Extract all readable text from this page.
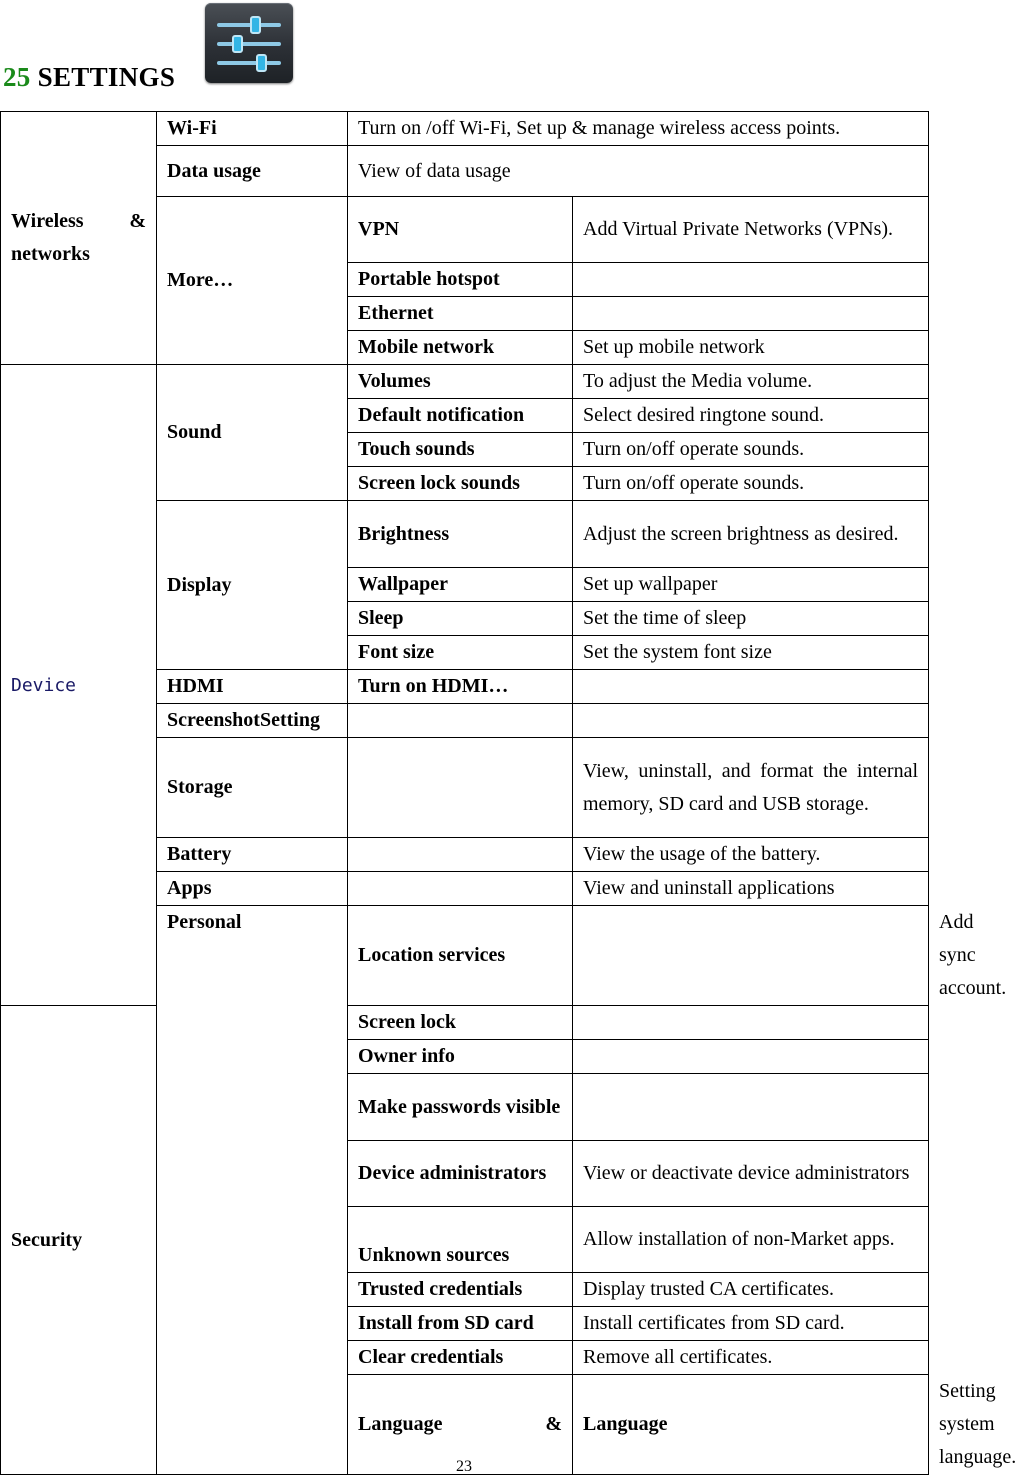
25 SETTINGS
Wireless & networks	Wi-Fi	Turn on /off Wi-Fi, Set up & manage wireless access points.		
	Data usage	View of data usage		
	More…	VPN	Add Virtual Private Networks (VPNs).	
		Portable hotspot		
		Ethernet		
		Mobile network	Set up mobile network	
Device	Sound	Volumes	To adjust the Media volume.	
		Default notification	Select desired ringtone sound.	
		Touch sounds	Turn on/off operate sounds.	
		Screen lock sounds	Turn on/off operate sounds.	
	Display	Brightness	Adjust the screen brightness as desired.	
		Wallpaper	Set up wallpaper	
		Sleep	Set the time of sleep	
		Font size	Set the system font size	
	HDMI	Turn on HDMI…		
	ScreenshotSetting			
	Storage		View, uninstall, and format the internal memory, SD card and USB storage.	
	Battery		View the usage of the battery.	
	Apps		View and uninstall applications	
	Personal	Location services		Add sync account.
Security		Screen lock		
		Owner info		
		Make passwords visible		
		Device administrators	View or deactivate device administrators	
		Unknown sources	Allow installation of non-Market apps.	
		Trusted credentials	Display trusted CA certificates.	
		Install from SD card	Install certificates from SD card.	
		Clear credentials	Remove all certificates.	
		Language &	Language	Setting system language.
23
